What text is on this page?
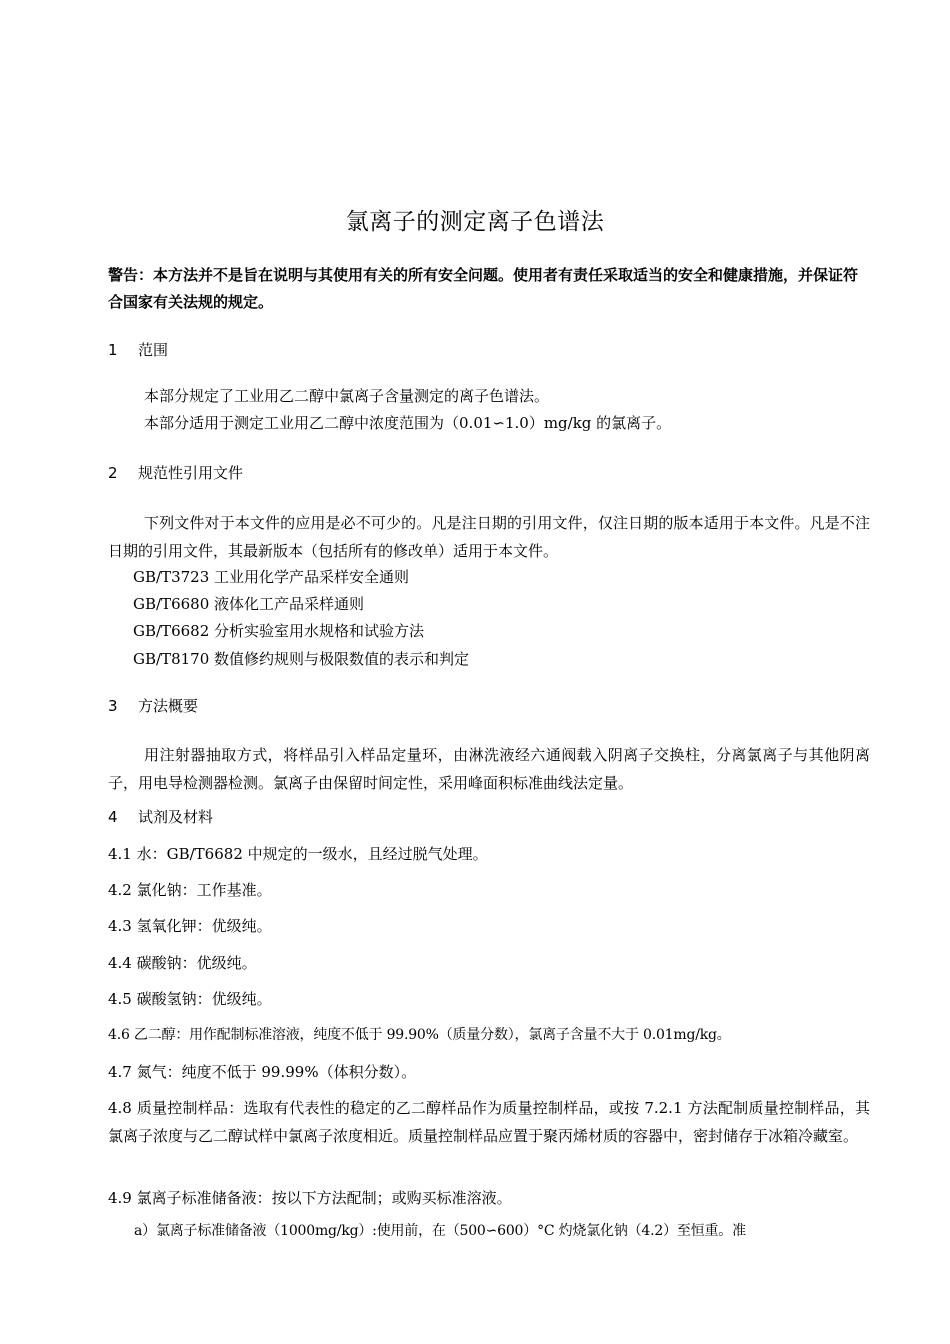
氯离子的测定离子色谱法
警告：本方法并不是旨在说明与其使用有关的所有安全问题。使用者有责任采取适当的安全和健康措施，并保证符合国家有关法规的规定。
1 范围
本部分规定了工业用乙二醇中氯离子含量测定的离子色谱法。
本部分适用于测定工业用乙二醇中浓度范围为（0.01∽1.0）mg/kg 的氯离子。
2 规范性引用文件
下列文件对于本文件的应用是必不可少的。凡是注日期的引用文件，仅注日期的版本适用于本文件。凡是不注日期的引用文件，其最新版本（包括所有的修改单）适用于本文件。
GB/T3723 工业用化学产品采样安全通则
GB/T6680 液体化工产品采样通则
GB/T6682 分析实验室用水规格和试验方法
GB/T8170 数值修约规则与极限数值的表示和判定
3 方法概要
用注射器抽取方式，将样品引入样品定量环，由淋洗液经六通阀载入阴离子交换柱，分离氯离子与其他阴离子，用电导检测器检测。氯离子由保留时间定性，采用峰面积标准曲线法定量。
4 试剂及材料
4.1 水：GB/T6682 中规定的一级水，且经过脱气处理。
4.2 氯化钠：工作基准。
4.3 氢氧化钾：优级纯。
4.4 碳酸钠：优级纯。
4.5 碳酸氢钠：优级纯。
4.6 乙二醇：用作配制标准溶液，纯度不低于 99.90%（质量分数），氯离子含量不大于 0.01mg/kg。
4.7 氮气：纯度不低于 99.99%（体积分数）。
4.8 质量控制样品：选取有代表性的稳定的乙二醇样品作为质量控制样品，或按 7.2.1 方法配制质量控制样品，其氯离子浓度与乙二醇试样中氯离子浓度相近。质量控制样品应置于聚丙烯材质的容器中，密封储存于冰箱冷藏室。
4.9 氯离子标准储备液：按以下方法配制；或购买标准溶液。
a）氯离子标准储备液（1000mg/kg）:使用前，在（500∽600）°C 灼烧氯化钠（4.2）至恒重。准
